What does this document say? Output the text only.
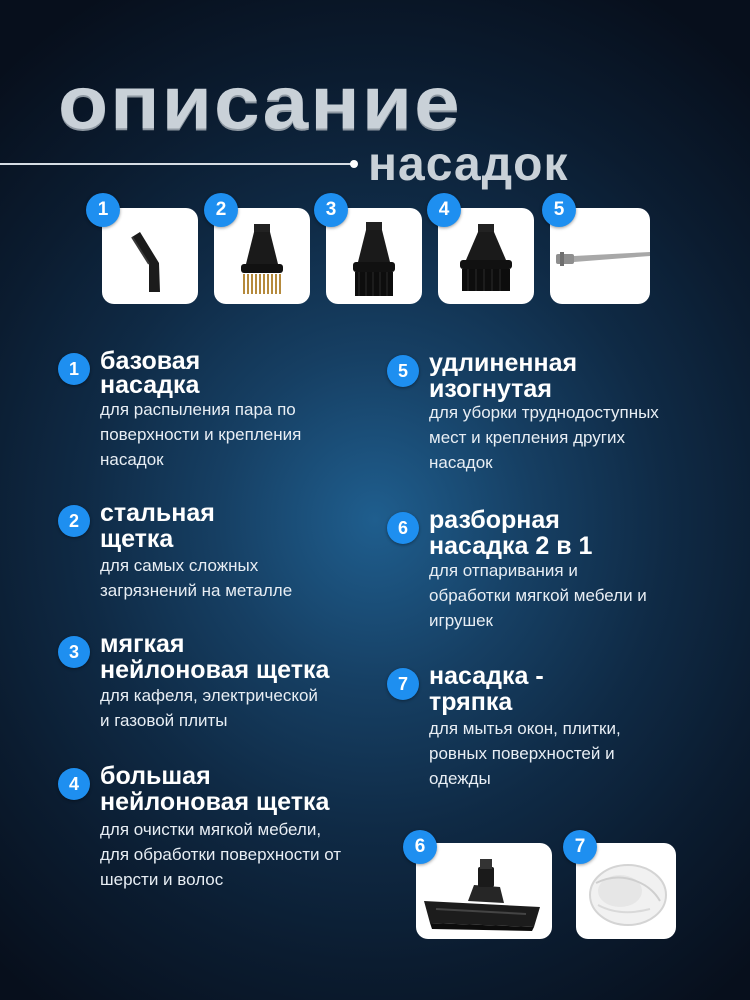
описание
насадок
1	2	3	4	5
1 базовая
насадка
для распыления пара по
поверхности и крепления
насадок
2 стальная
щетка
для самых сложных
загрязнений на металле
3 мягкая
нейлоновая щетка
для кафеля, электрической
и газовой плиты
4 большая
нейлоновая щетка
для очистки мягкой мебели,
для обработки поверхности от
шерсти и волос
5 удлиненная
изогнутая
для уборки труднодоступных
мест и крепления других
насадок
6 разборная
насадка 2 в 1
для отпаривания и
обработки мягкой мебели и
игрушек
7 насадка -
тряпка
для мытья окон, плитки,
ровных поверхностей и
одежды
6	7
